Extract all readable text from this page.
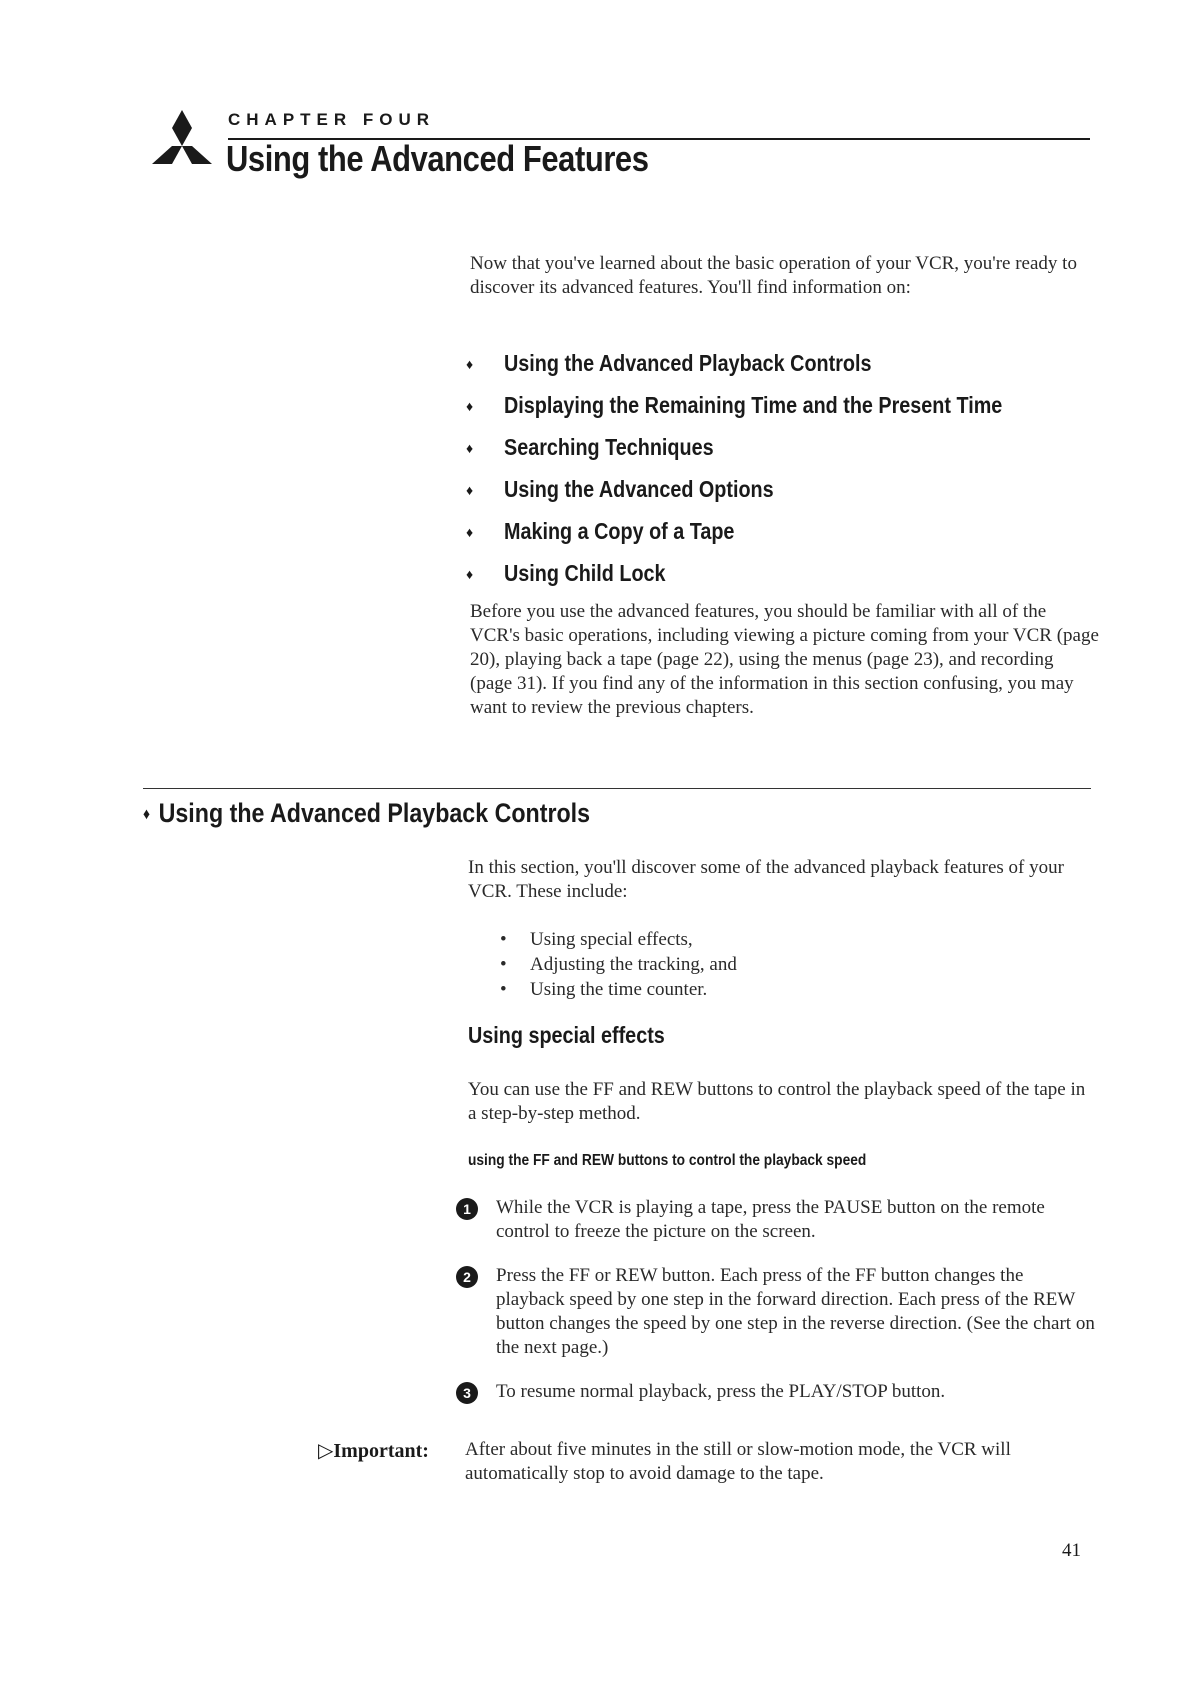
CHAPTER FOUR
Using the Advanced Features
Now that you've learned about the basic operation of your VCR, you're ready to discover its advanced features. You'll find information on:
♦	Using the Advanced Playback Controls
♦	Displaying the Remaining Time and the Present Time
♦	Searching Techniques
♦	Using the Advanced Options
♦	Making a Copy of a Tape
♦	Using Child Lock
Before you use the advanced features, you should be familiar with all of the VCR's basic operations, including viewing a picture coming from your VCR (page 20), playing back a tape (page 22), using the menus (page 23), and recording (page 31). If you find any of the information in this section confusing, you may want to review the previous chapters.
♦ Using the Advanced Playback Controls
In this section, you'll discover some of the advanced playback features of your VCR. These include:
•	Using special effects,
•	Adjusting the tracking, and
•	Using the time counter.
Using special effects
You can use the FF and REW buttons to control the playback speed of the tape in a step-by-step method.
using the FF and REW buttons to control the playback speed
1	While the VCR is playing a tape, press the PAUSE button on the remote control to freeze the picture on the screen.
2	Press the FF or REW button. Each press of the FF button changes the playback speed by one step in the forward direction. Each press of the REW button changes the speed by one step in the reverse direction. (See the chart on the next page.)
3	To resume normal playback, press the PLAY/STOP button.
▷Important: After about five minutes in the still or slow-motion mode, the VCR will automatically stop to avoid damage to the tape.
41
